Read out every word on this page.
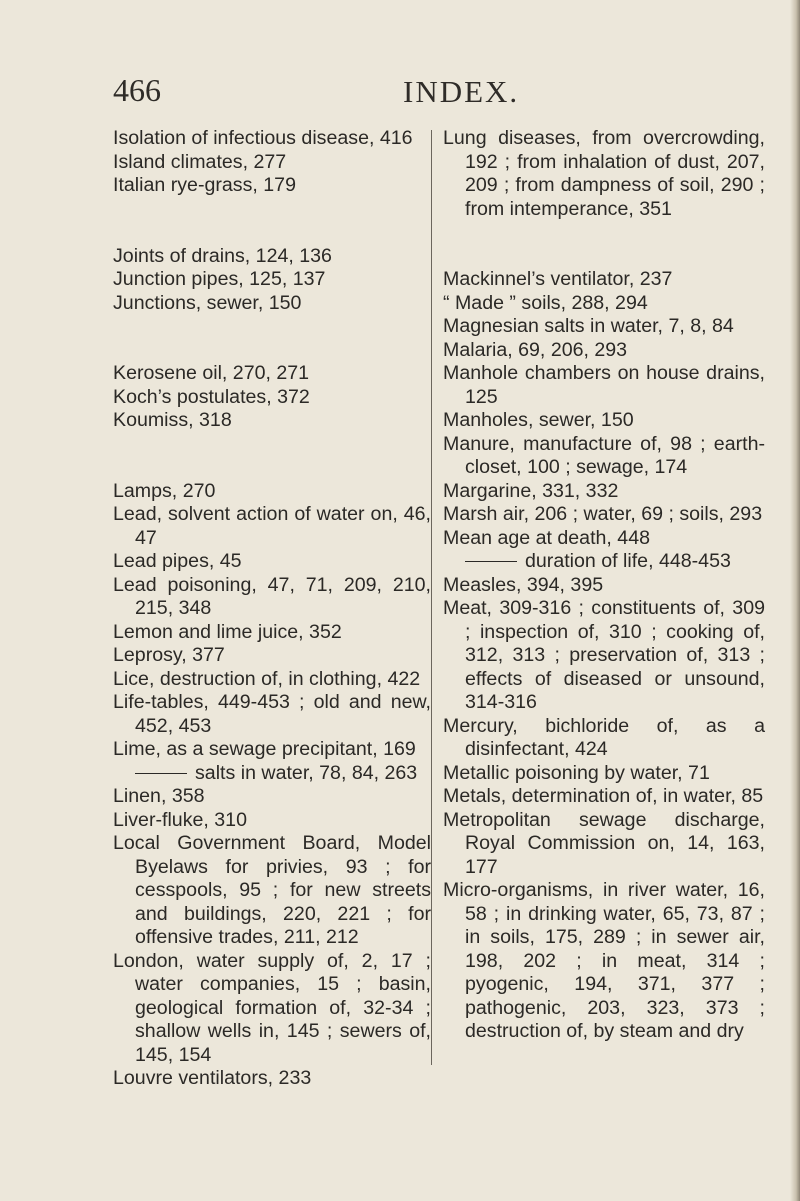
466	INDEX.
Isolation of infectious disease, 416
Island climates, 277
Italian rye-grass, 179
Joints of drains, 124, 136
Junction pipes, 125, 137
Junctions, sewer, 150
Kerosene oil, 270, 271
Koch’s postulates, 372
Koumiss, 318
Lamps, 270
Lead, solvent action of water on, 46, 47
Lead pipes, 45
Lead poisoning, 47, 71, 209, 210, 215, 348
Lemon and lime juice, 352
Leprosy, 377
Lice, destruction of, in clothing, 422
Life-tables, 449-453 ; old and new, 452, 453
Lime, as a sewage precipitant, 169
salts in water, 78, 84, 263
Linen, 358
Liver-fluke, 310
Local Government Board, Model Byelaws for privies, 93 ; for cesspools, 95 ; for new streets and buildings, 220, 221 ; for offensive trades, 211, 212
London, water supply of, 2, 17 ; water companies, 15 ; basin, geological formation of, 32-34 ; shallow wells in, 145 ; sewers of, 145, 154
Louvre ventilators, 233
Lung diseases, from overcrowding, 192 ; from inhalation of dust, 207, 209 ; from dampness of soil, 290 ; from intemperance, 351
Mackinnel’s ventilator, 237
“ Made ” soils, 288, 294
Magnesian salts in water, 7, 8, 84
Malaria, 69, 206, 293
Manhole chambers on house drains, 125
Manholes, sewer, 150
Manure, manufacture of, 98 ; earth-closet, 100 ; sewage, 174
Margarine, 331, 332
Marsh air, 206 ; water, 69 ; soils, 293
Mean age at death, 448
duration of life, 448-453
Measles, 394, 395
Meat, 309-316 ; constituents of, 309 ; inspection of, 310 ; cooking of, 312, 313 ; preservation of, 313 ; effects of diseased or unsound, 314-316
Mercury, bichloride of, as a disinfectant, 424
Metallic poisoning by water, 71
Metals, determination of, in water, 85
Metropolitan sewage discharge, Royal Commission on, 14, 163, 177
Micro-organisms, in river water, 16, 58 ; in drinking water, 65, 73, 87 ; in soils, 175, 289 ; in sewer air, 198, 202 ; in meat, 314 ; pyogenic, 194, 371, 377 ; pathogenic, 203, 323, 373 ; destruction of, by steam and dry
